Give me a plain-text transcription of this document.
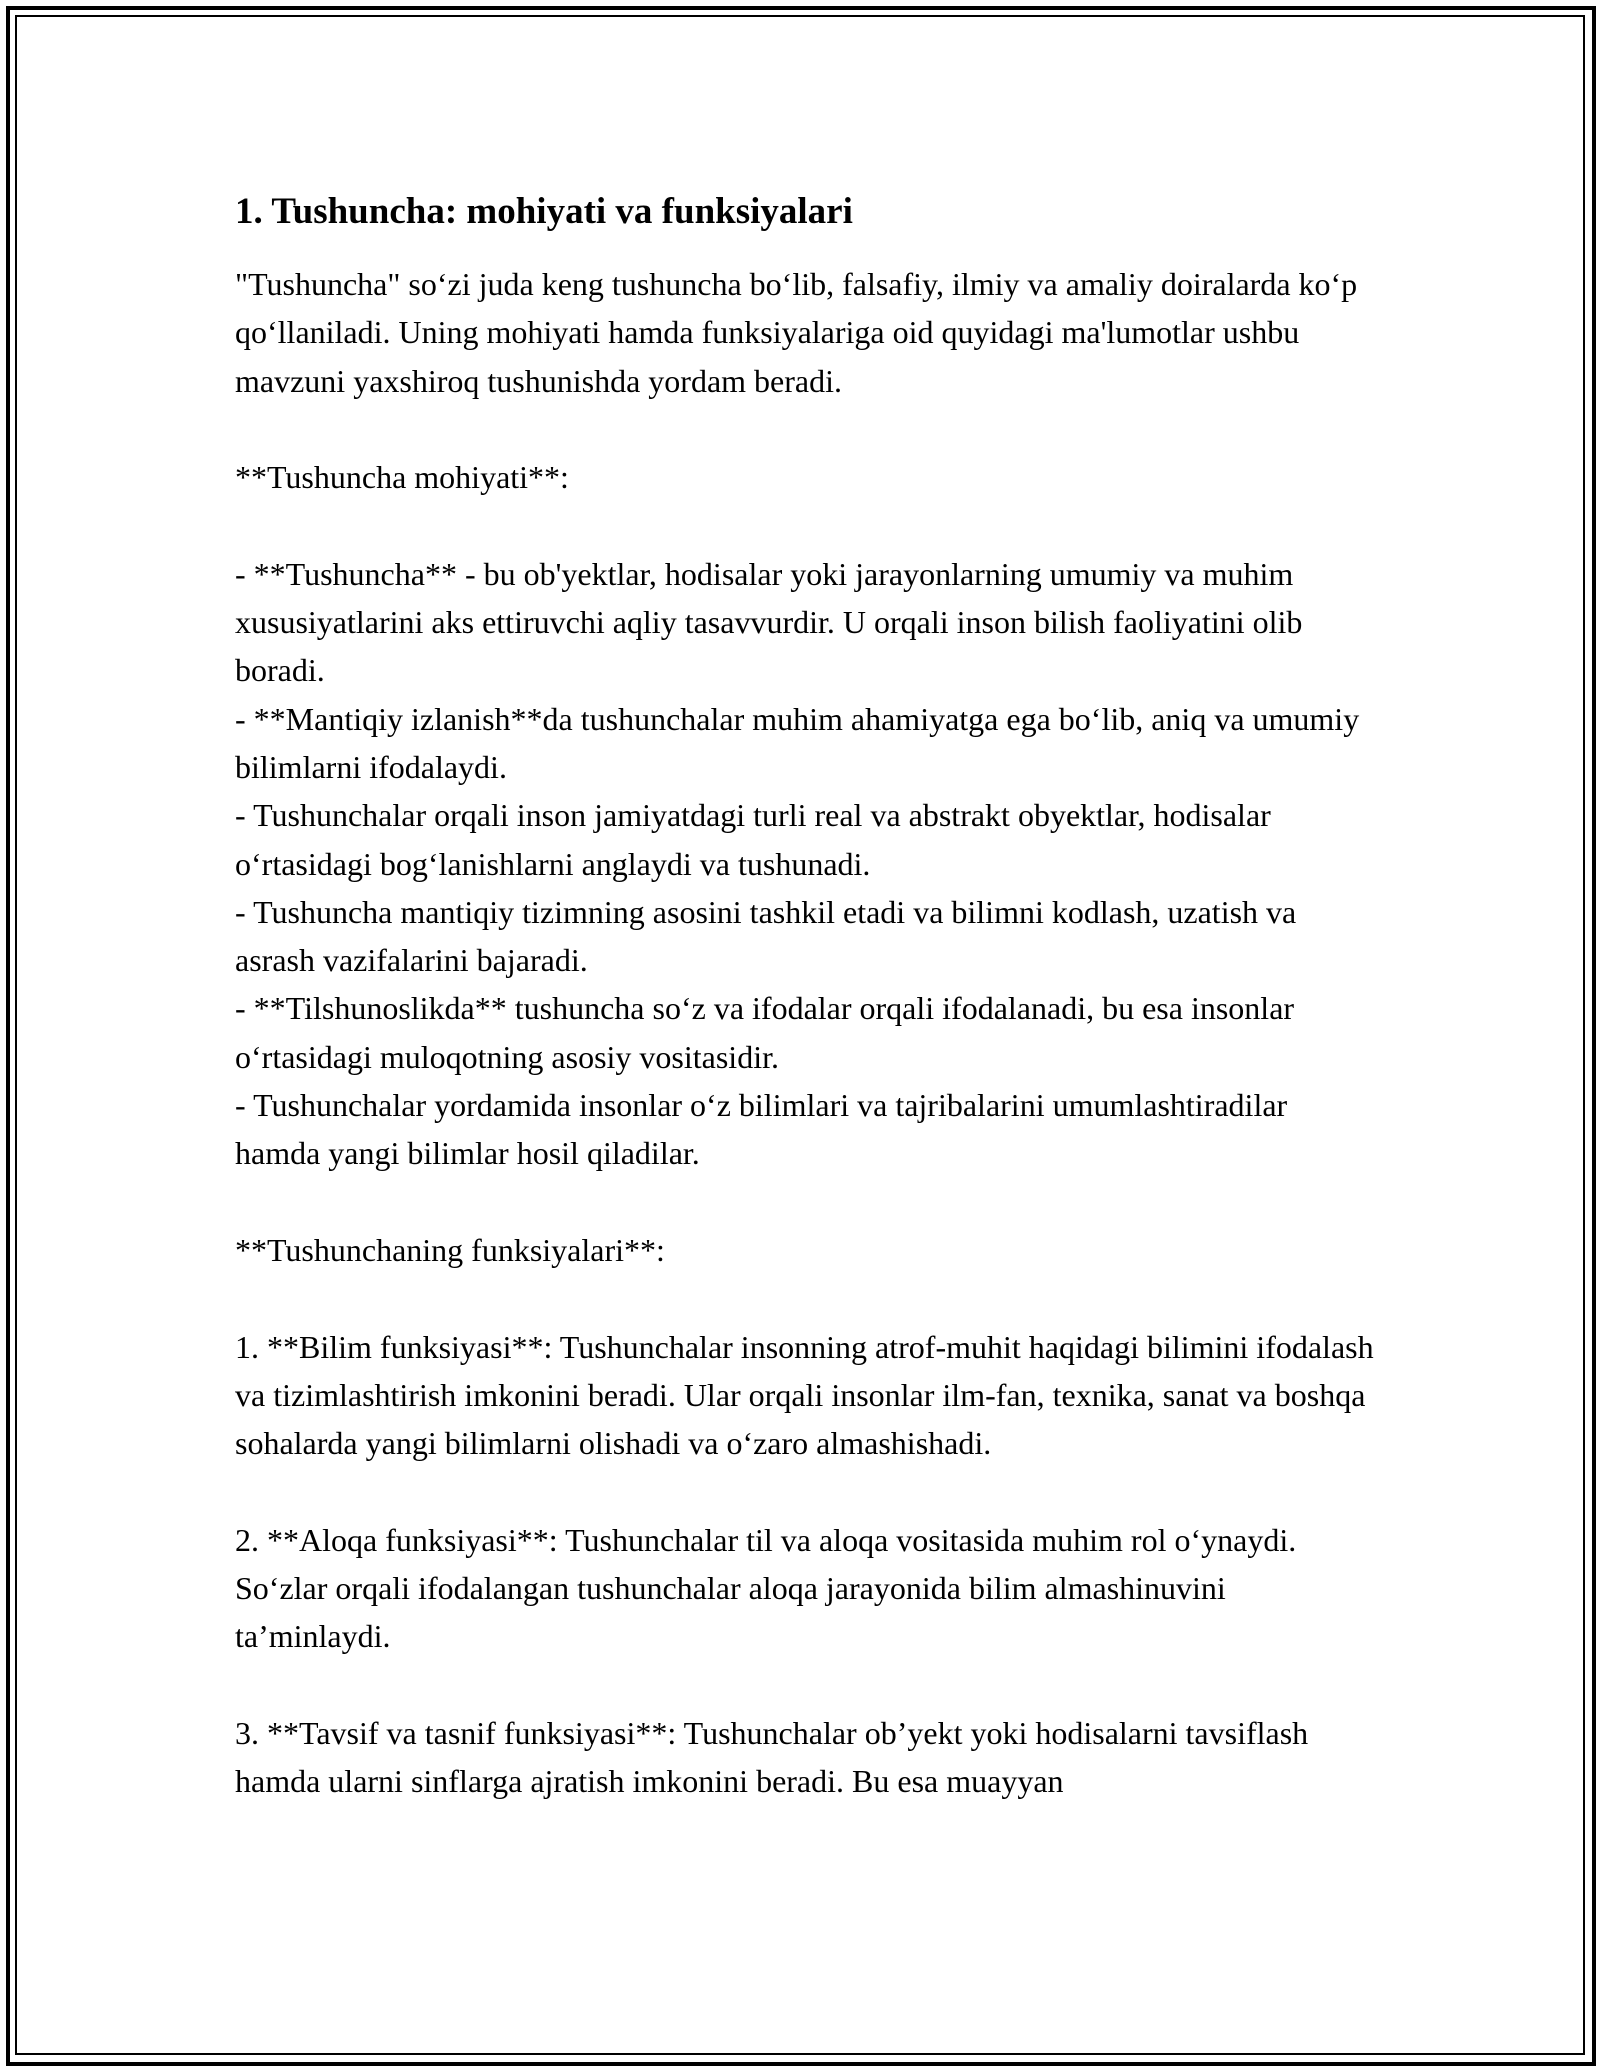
1. Tushuncha: mohiyati va funksiyalari

"Tushuncha" so‘zi juda keng tushuncha bo‘lib, falsafiy, ilmiy va amaliy doiralarda ko‘p qo‘llaniladi. Uning mohiyati hamda funksiyalariga oid quyidagi ma'lumotlar ushbu mavzuni yaxshiroq tushunishda yordam beradi.

**Tushuncha mohiyati**:

- **Tushuncha** - bu ob'yektlar, hodisalar yoki jarayonlarning umumiy va muhim xususiyatlarini aks ettiruvchi aqliy tasavvurdir. U orqali inson bilish faoliyatini olib boradi.

- **Mantiqiy izlanish**da tushunchalar muhim ahamiyatga ega bo‘lib, aniq va umumiy bilimlarni ifodalaydi.

- Tushunchalar orqali inson jamiyatdagi turli real va abstrakt obyektlar, hodisalar o‘rtasidagi bog‘lanishlarni anglaydi va tushunadi.

- Tushuncha mantiqiy tizimning asosini tashkil etadi va bilimni kodlash, uzatish va asrash vazifalarini bajaradi.

- **Tilshunoslikda** tushuncha so‘z va ifodalar orqali ifodalanadi, bu esa insonlar o‘rtasidagi muloqotning asosiy vositasidir.

- Tushunchalar yordamida insonlar o‘z bilimlari va tajribalarini umumlashtiradilar hamda yangi bilimlar hosil qiladilar.

**Tushunchaning funksiyalari**:

1. **Bilim funksiyasi**: Tushunchalar insonning atrof-muhit haqidagi bilimini ifodalash va tizimlashtirish imkonini beradi. Ular orqali insonlar ilm-fan, texnika, sanat va boshqa sohalarda yangi bilimlarni olishadi va o‘zaro almashishadi.

2. **Aloqa funksiyasi**: Tushunchalar til va aloqa vositasida muhim rol o‘ynaydi. So‘zlar orqali ifodalangan tushunchalar aloqa jarayonida bilim almashinuvini ta’minlaydi.

3. **Tavsif va tasnif funksiyasi**: Tushunchalar ob’yekt yoki hodisalarni tavsiflash hamda ularni sinflarga ajratish imkonini beradi. Bu esa muayyan
